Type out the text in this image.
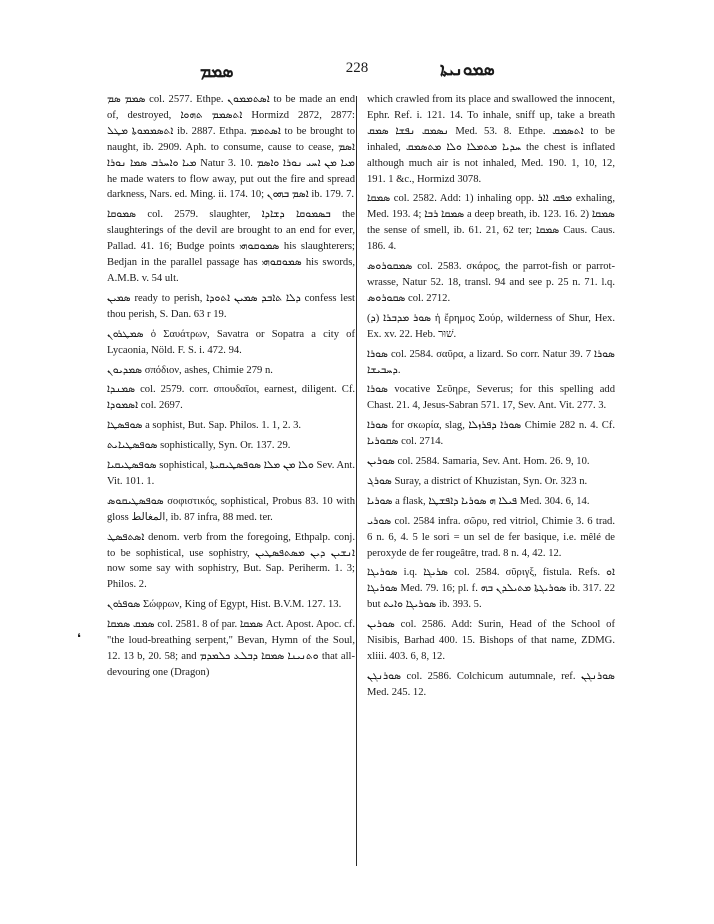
ܣܡܡ	228	ܣܡܘܢܝܬܐ
❛

ܣܡܡ ܣܡ col. 2577. Ethpe. ܐܣܬܡܡܘܢ to be made an end of, destroyed, ܐܬܣܡܡ ܬܗܘܐ Hormizd 2872, 2877: ܐܬܣܡܡܘܬܐ ܡܛܠ ib. 2887. Ethpa. ܐܣܬܡܡ to be brought to naught, ib. 2909. Aph. to consume, cause to cease, ܐܣܡ ܡܝܐ ܘܐܚܪܒ ܣܡܐ ܢܘܪܐ Natur 3. 10. ܡܝܐ ܡܢ ܐܚܝ ܢܘܪܐ ܘܐܣܡ he made waters to flow away, put out the fire and spread darkness, Nars. ed. Ming. ii. 174. 10; ܐܣܡ ܒܗܘܢ ib. 179. 7.

ܣܡܘܩܐ col. 2579. slaughter, ܒܣܡܘܩܐ ܕܫܐܕܐ the slaughterings of the devil are brought to an end for ever, Pallad. 41. 16; Budge points ܣܡܘܩܘܗܝ his slaughterers; Bedjan in the parallel passage has ܣܡܘܩܘܗܝ his swords, A.M.B. v. 54 ult.

ܣܡܝܢ ready to perish, ܕܠܐ ܬܐܒܕ ܣܡܝܢ ܐܬܘܕܐ confess lest thou perish, S. Dan. 63 r 19.

ܣܡܛܪܘܢ ὁ Σαυάτρων, Savatra or Sopatra a city of Lycaonia, Nöld. F. S. i. 472. 94.

ܣܡܕܝܘܢ σπόδιον, ashes, Chimie 279 n.

ܣܡܢܕܐ col. 2579. corr. σπουδαῖοι, earnest, diligent. Cf. ܐܣܡܘܕܐ col. 2697.

ܣܘܦܣܛܐ a sophist, But. Sap. Philos. 1. 1, 2. 3.

ܣܘܦܣܛܝܐܝܬ sophistically, Syn. Or. 137. 29.

ܣܘܦܣܛܝܩܝܐ sophistical, ܘܠܐ ܡܢ ܡܠܐ ܣܘܦܣܛܝܩܝܬܐ Sev. Ant. Vit. 101. 1.

ܣܘܦܣܛܝܩܘܣ σοφιστικός, sophistical, Probus 83. 10 with gloss المغالط, ib. 87 infra, 88 med. ter.

ܐܣܬܦܣܛ denom. verb from the foregoing, Ethpalp. conj. to be sophistical, use sophistry, ܐܢܫܝܢ ܕܝܢ ܡܣܬܦܣܛܝܢ now some say with sophistry, But. Sap. Periherm. 1. 3; Philos. 2.

ܣܘܦܪܘܢ Σώφρων, King of Egypt, Hist. B.V.M. 127. 13.

ܣܡܩ ܣܡܩܐ col. 2581. 8 of par. ܣܡܩܐ Act. Apost. Apoc. cf. "the loud-breathing serpent," Bevan, Hymn of the Soul, 12. 13 b, 20. 58; and ܘܬܢܝܢܐ ܣܡܩܐ ܕܒܠܥ ܟܠܡܕܡ that all-devouring one (Dragon)

which crawled from its place and swallowed the innocent, Ephr. Ref. i. 121. 14. To inhale, sniff up, take a breath ܢܣܡܩ ܢܦܫܐ ܣܡܩ Med. 53. 8. Ethpe. ܐܬܣܡܩ to be inhaled, ܚܕܝܐ ܡܬܡܠܐ ܘܠܐ ܡܬܣܡܩ the chest is inflated although much air is not inhaled, Med. 190. 1, 10, 12, 191. 1 &c., Hormizd 3078.

ܣܡܩܐ col. 2582. Add: 1) inhaling opp. ܡܦܩ ܐܐܪ exhaling, Med. 193. 4; ܣܡܩܐ ܪܒܐ a deep breath, ib. 123. 16. 2) ܣܡܩܐ the sense of smell, ib. 61. 21, 62 ter; ܣܡܩܐ Caus. Caus. 186. 4.

ܣܡܩܘܪܘܣ col. 2583. σκάρος, the parrot-fish or parrot-wrasse, Natur 52. 18, transl. 94 and see p. 25 n. 71. l.q. ܣܩܘܪܘܣ col. 2712.

ܣܘܪ ܡܕܒܪܐ (ܕ) ἡ ἔρημος Σούρ, wilderness of Shur, Hex. Ex. xv. 22. Heb. שׁוּר.

ܣܘܪܐ col. 2584. σαῦρα, a lizard. So corr. Natur 39. 7 ܣܘܪܐ ܕܚܒܝܫܐ.

ܣܘܪܐ vocative Σεῦηρε, Severus; for this spelling add Chast. 21. 4, Jesus-Sabran 571. 17, Sev. Ant. Vit. 277. 3.

ܣܘܪܐ for σκωρία, slag, ܣܘܪܐ ܕܦܪܙܠܐ Chimie 282 n. 4. Cf. ܣܩܘܪܝܐ col. 2714.

ܣܘܪܝܢ col. 2584. Samaria, Sev. Ant. Hom. 26. 9, 10.

ܣܘܪܓ Suray, a district of Khuzistan, Syn. Or. 323 n.

ܣܘܪܝܐ a flask, ܦܝܠܐ ܗ ܣܘܪܝܐ ܕܐܦܫܛܐ Med. 304. 6, 14.

ܣܘܪܝ col. 2584 infra. σῶρυ, red vitriol, Chimie 3. 6 trad. 6 n. 6, 4. 5 le sori = un sel de fer basique, i.e. mêlé de peroxyde de fer rougeâtre, trad. 8 n. 4, 42. 12.

ܣܘܪܝܓܐ i.q. ܣܪܝܓܐ col. 2584. σῦριγξ, fistula. Refs. ܐܘ ܣܘܪܝܓܐ Med. 79. 16; pl. f. ܣܘܪܝܓܬܐ ܡܬܝܠܕܢ ܒܗ ib. 317. 22 but ܣܘܪܝܓܐ ܘܐܝܬ ib. 393. 5.

ܣܘܪܝܢ col. 2586. Add: Surin, Head of the School of Nisibis, Barhad 400. 15. Bishops of that name, ZDMG. xliii. 403. 6, 8, 12.

ܣܘܪܢܓܢ col. 2586. Colchicum autumnale, ref. ܣܘܪܢܓܢ Med. 245. 12.
